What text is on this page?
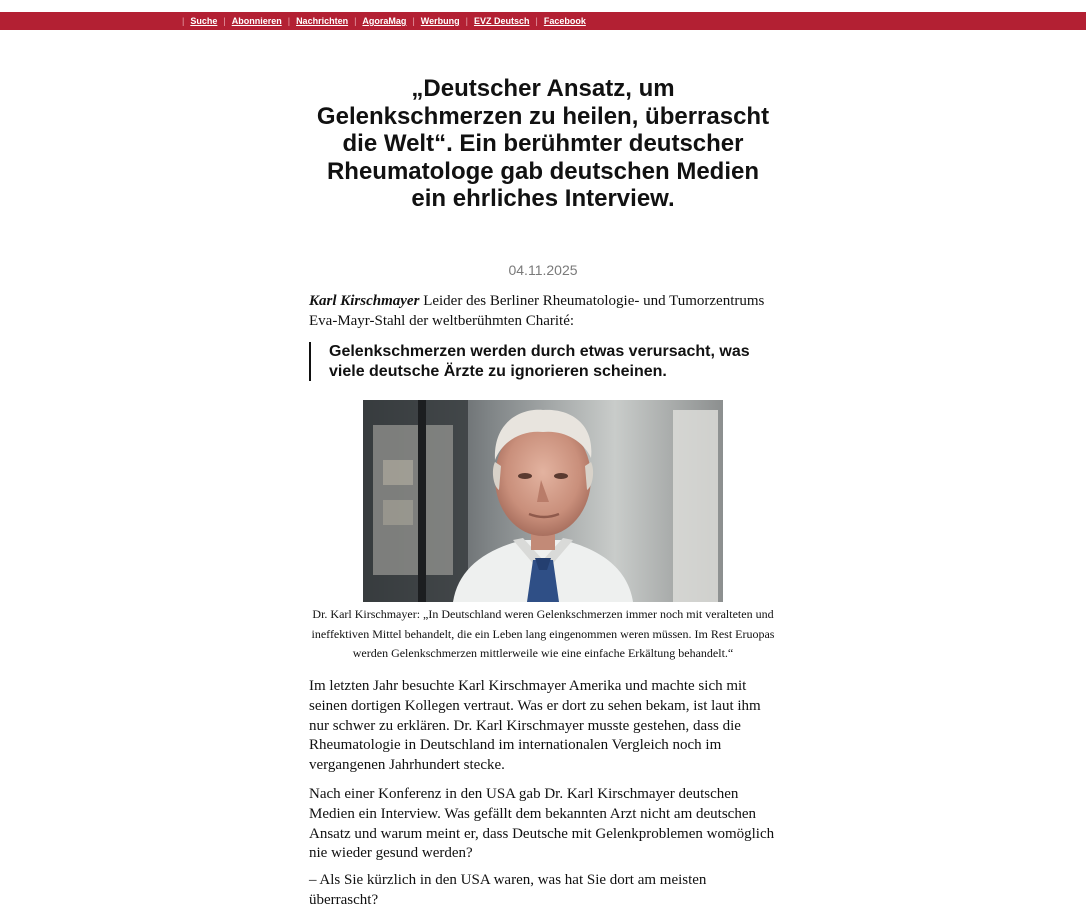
| Suche | Abonnieren | Nachrichten | AgoraMag | Werbung | EVZ Deutsch | Facebook
„Deutscher Ansatz, um Gelenkschmerzen zu heilen, überrascht die Welt“. Ein berühmter deutscher Rheumatologe gab deutschen Medien ein ehrliches Interview.
04.11.2025
Karl Kirschmayer Leider des Berliner Rheumatologie- und Tumorzentrums Eva-Mayr-Stahl der weltberühmten Charité:
Gelenkschmerzen werden durch etwas verursacht, was viele deutsche Ärzte zu ignorieren scheinen.
Dr. Karl Kirschmayer: „In Deutschland weren Gelenkschmerzen immer noch mit veralteten und ineffektiven Mittel behandelt, die ein Leben lang eingenommen weren müssen. Im Rest Eruopas werden Gelenkschmerzen mittlerweile wie eine einfache Erkältung behandelt.“

Im letzten Jahr besuchte Karl Kirschmayer Amerika und machte sich mit seinen dortigen Kollegen vertraut. Was er dort zu sehen bekam, ist laut ihm nur schwer zu erklären. Dr. Karl Kirschmayer musste gestehen, dass die Rheumatologie in Deutschland im internationalen Vergleich noch im vergangenen Jahrhundert stecke.

Nach einer Konferenz in den USA gab Dr. Karl Kirschmayer deutschen Medien ein Interview. Was gefällt dem bekannten Arzt nicht am deutschen Ansatz und warum meint er, dass Deutsche mit Gelenkproblemen womöglich nie wieder gesund werden?

– Als Sie kürzlich in den USA waren, was hat Sie dort am meisten überrascht?
